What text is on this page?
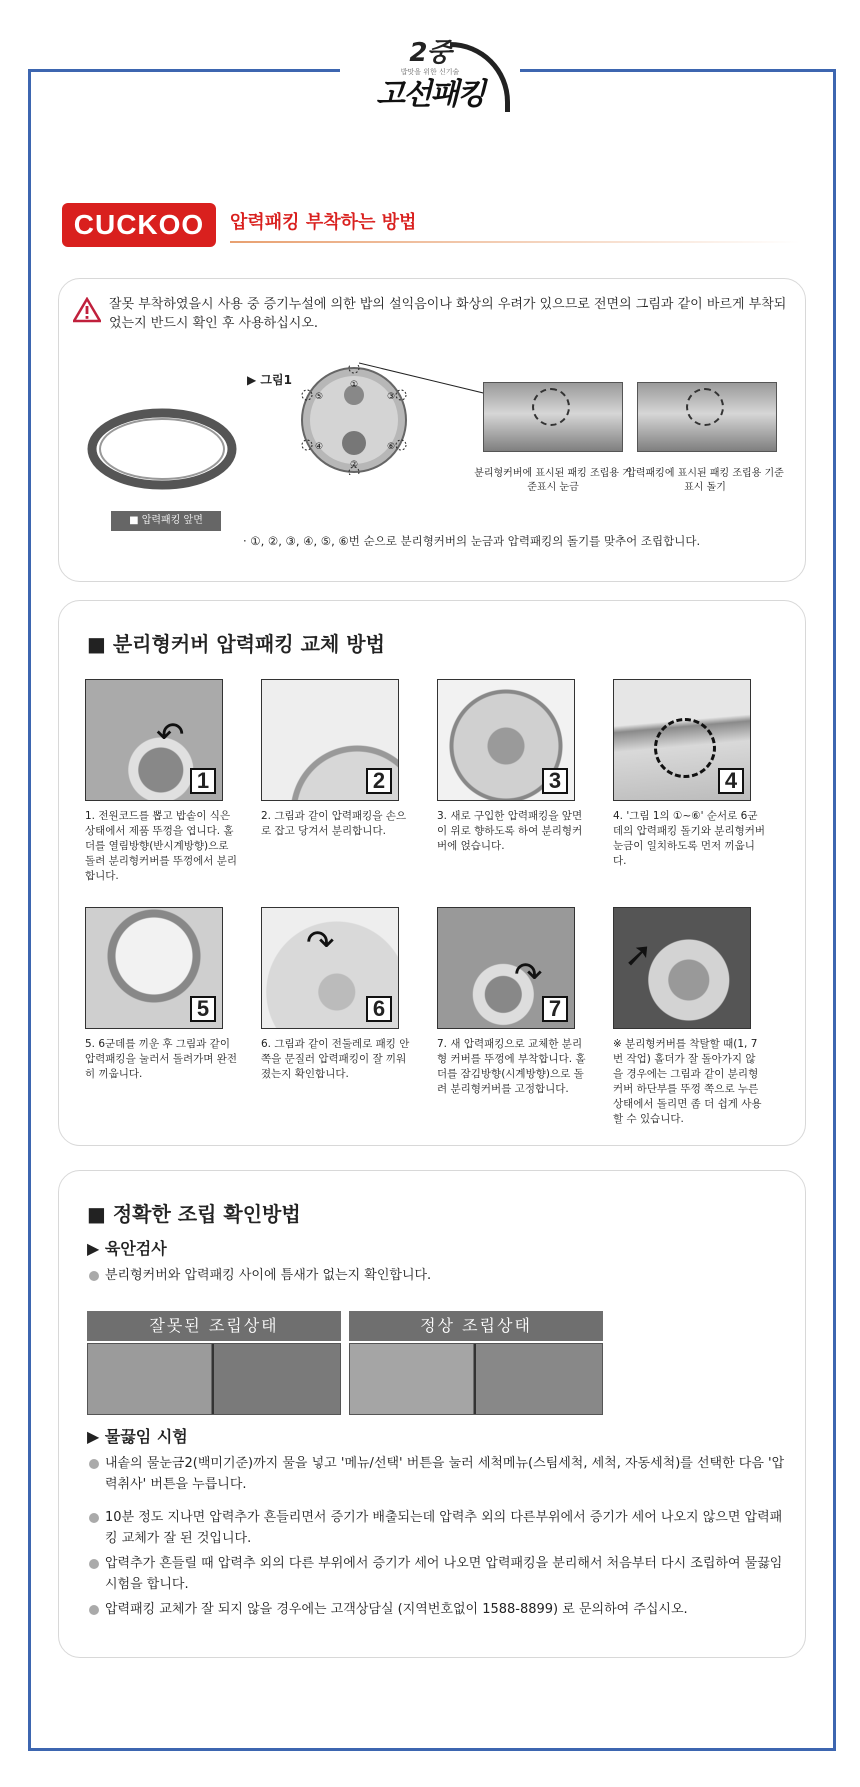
2중
밥맛을 위한 신기술
고선패킹
CUCKOO	압력패킹 부착하는 방법
잘못 부착하였을시 사용 중 증기누설에 의한 밥의 설익음이나 화상의 우려가 있으므로 전면의 그림과 같이 바르게 부착되었는지 반드시 확인 후 사용하십시오.
▶ 그림1
■ 압력패킹 앞면
①
②
③
④
⑤
⑥
분리형커버에 표시된 패킹 조립용 기준표시 눈금
압력패킹에 표시된 패킹 조립용 기준표시 돌기
· ①, ②, ③, ④, ⑤, ⑥번 순으로 분리형커버의 눈금과 압력패킹의 돌기를 맞추어 조립합니다.
■ 분리형커버 압력패킹 교체 방법
↶
1
1. 전원코드를 뽑고 밥솥이 식은 상태에서 제품 뚜껑을 엽니다. 홀더를 열림방향(반시계방향)으로 돌려 분리형커버를 뚜껑에서 분리합니다.
2
2. 그림과 같이 압력패킹을 손으로 잡고 당겨서 분리합니다.
3
3. 새로 구입한 압력패킹을 앞면이 위로 향하도록 하여 분리형커버에 얹습니다.
4
4. '그림 1의 ①~⑥' 순서로 6군데의 압력패킹 돌기와 분리형커버 눈금이 일치하도록 먼저 끼웁니다.
5
5. 6군데를 끼운 후 그림과 같이 압력패킹을 눌러서 돌려가며 완전히 끼웁니다.
↷
6
6. 그림과 같이 전둘레로 패킹 안쪽을 문질러 압력패킹이 잘 끼워졌는지 확인합니다.
↷
7
7. 새 압력패킹으로 교체한 분리형 커버를 뚜껑에 부착합니다. 홀더를 잠김방향(시계방향)으로 돌려 분리형커버를 고정합니다.
➚
※ 분리형커버를 착탈할 때(1, 7번 작업) 홀더가 잘 돌아가지 않을 경우에는 그림과 같이 분리형커버 하단부를 뚜껑 쪽으로 누른상태에서 돌리면 좀 더 쉽게 사용할 수 있습니다.
■ 정확한 조립 확인방법
▶ 육안검사
분리형커버와 압력패킹 사이에 틈새가 없는지 확인합니다.
잘못된 조립상태	정상 조립상태
▶ 물끓임 시험
내솥의 물눈금2(백미기준)까지 물을 넣고 '메뉴/선택' 버튼을 눌러 세척메뉴(스팀세척, 세척, 자동세척)를 선택한 다음 '압력취사' 버튼을 누릅니다.
10분 정도 지나면 압력추가 흔들리면서 증기가 배출되는데 압력추 외의 다른부위에서 증기가 세어 나오지 않으면 압력패킹 교체가 잘 된 것입니다.
압력추가 흔들릴 때 압력추 외의 다른 부위에서 증기가 세어 나오면 압력패킹을 분리해서 처음부터 다시 조립하여 물끓임 시험을 합니다.
압력패킹 교체가 잘 되지 않을 경우에는 고객상담실 (지역번호없이 1588-8899) 로 문의하여 주십시오.
